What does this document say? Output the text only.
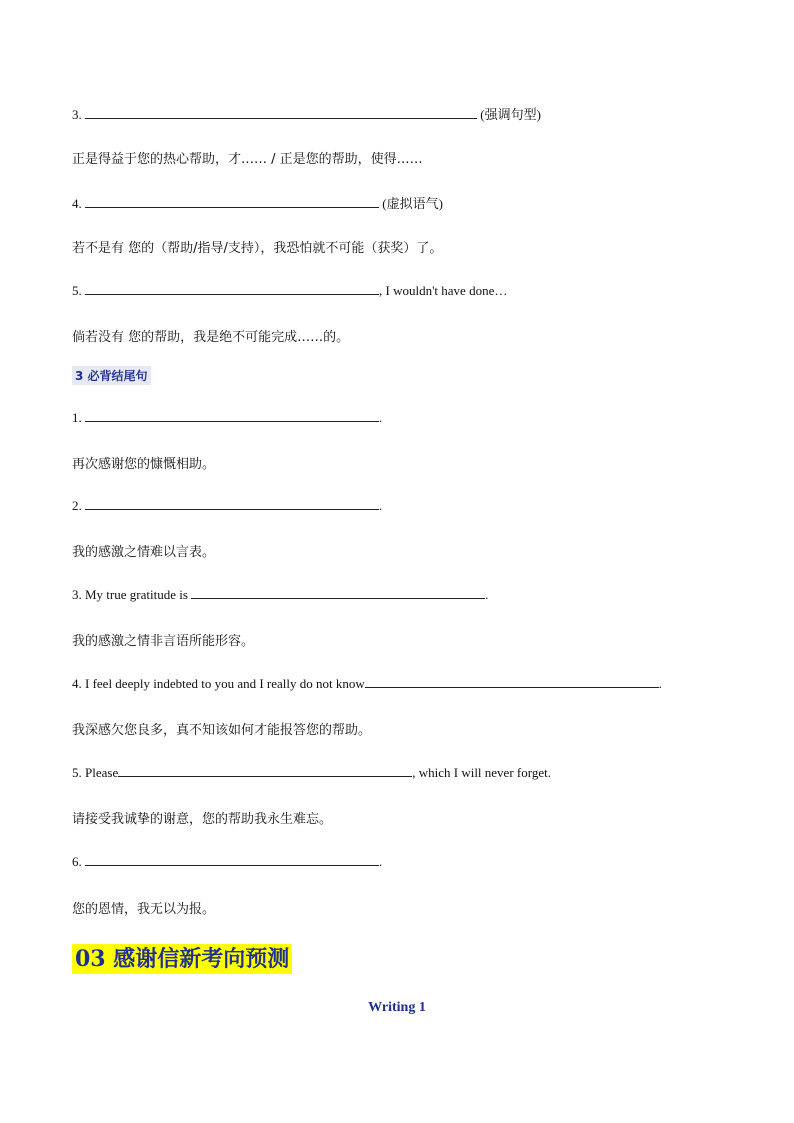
3.	(强调句型)
正是得益于您的热心帮助，才…… / 正是您的帮助，使得……
4.	(虚拟语气)
若不是有 您的（帮助/指导/支持），我恐怕就不可能（获奖）了。
5.	, I wouldn't have done…
倘若没有 您的帮助，我是绝不可能完成……的。
3 必背结尾句
1.	.
再次感谢您的慷慨相助。
2.	.
我的感激之情难以言表。
3. My true gratitude is	.
我的感激之情非言语所能形容。
4. I feel deeply indebted to you and I really do not know	.
我深感欠您良多，真不知该如何才能报答您的帮助。
5. Please	, which I will never forget.
请接受我诚挚的谢意，您的帮助我永生难忘。
6.	.
您的恩情，我无以为报。
03 感谢信新考向预测
Writing 1
